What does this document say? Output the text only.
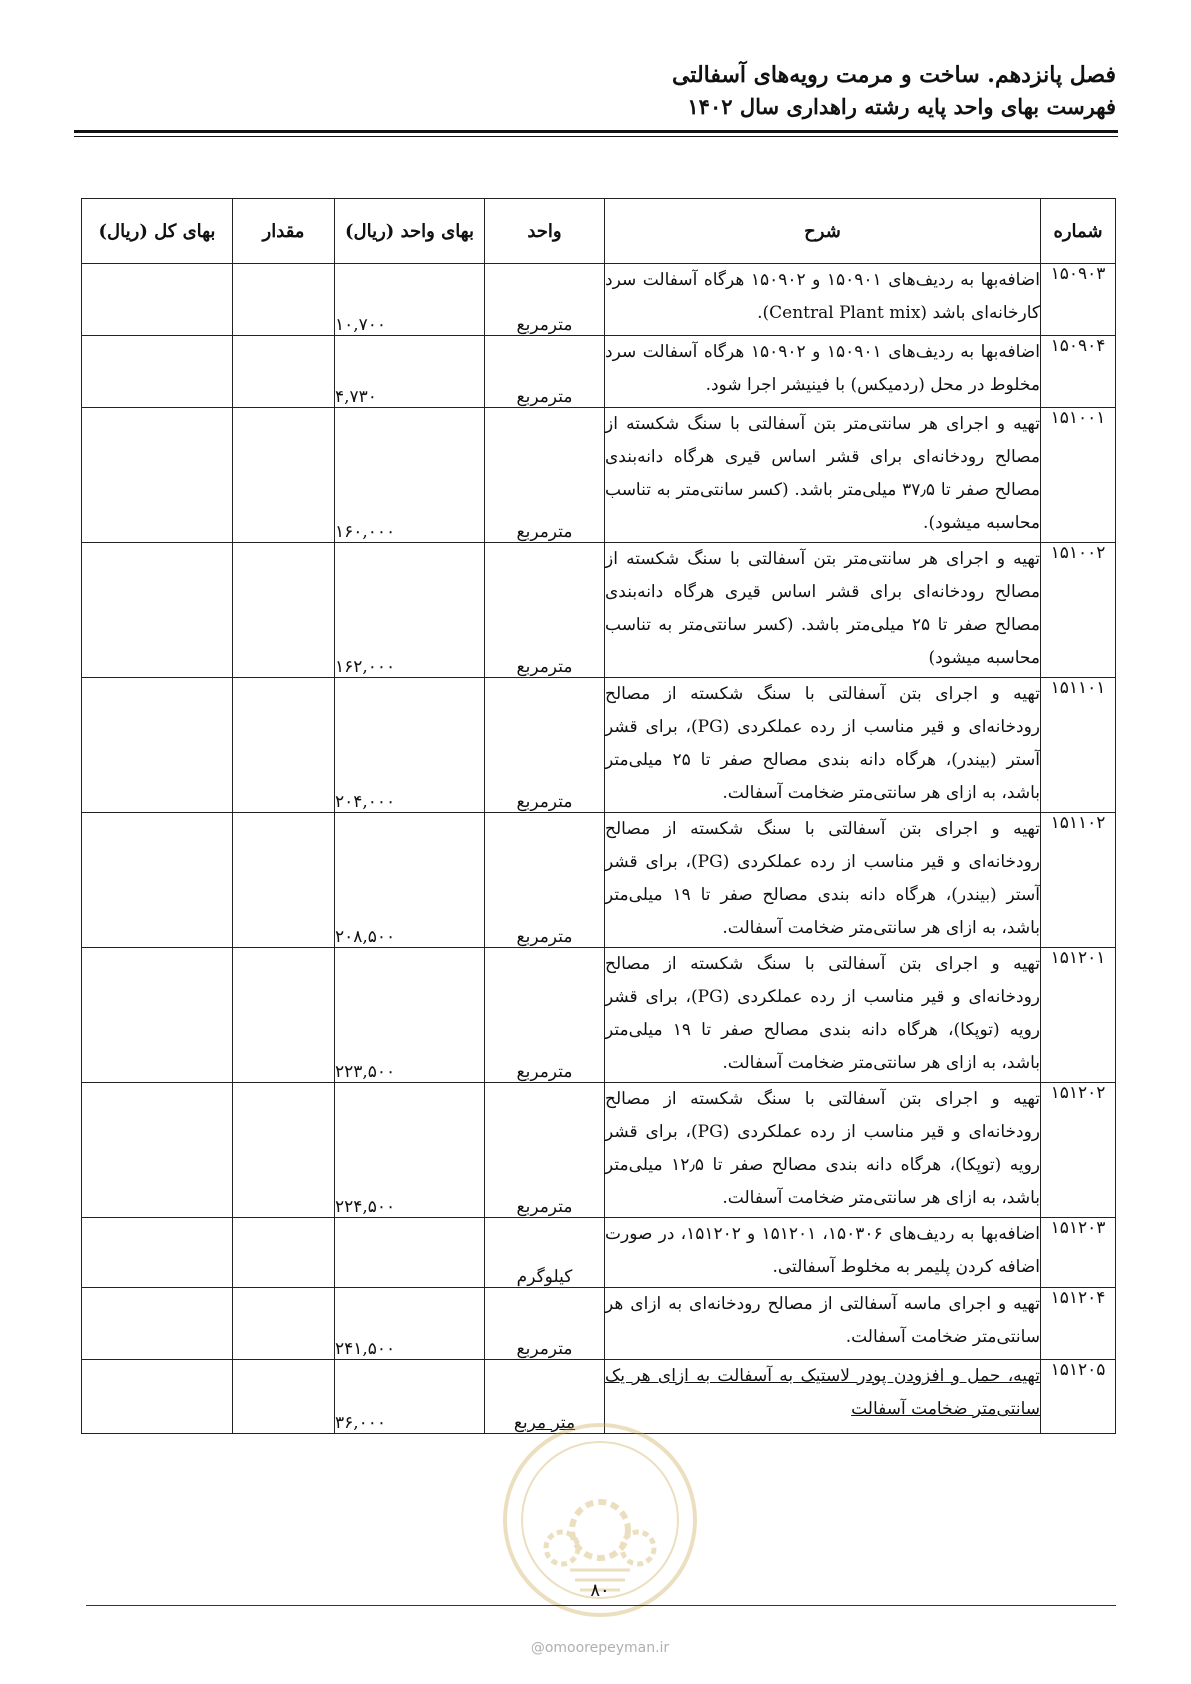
فصل پانزدهم. ساخت و مرمت رویه‌های آسفالتی
فهرست بهای واحد پایه رشته راهداری سال ۱۴۰۲
شماره	شرح	واحد	بهای واحد (ریال)	مقدار	بهای کل (ریال)
۱۵۰۹۰۳	اضافه‌بها به ردیف‌های ۱۵۰۹۰۱ و ۱۵۰۹۰۲ هرگاه آسفالت سرد کارخانه‌ای باشد (Central Plant mix).	مترمربع	۱۰,۷۰۰		
۱۵۰۹۰۴	اضافه‌بها به ردیف‌های ۱۵۰۹۰۱ و ۱۵۰۹۰۲ هرگاه آسفالت سرد مخلوط در محل (ردمیکس) با فینیشر اجرا شود.	مترمربع	۴,۷۳۰		
۱۵۱۰۰۱	تهیه و اجرای هر سانتی‌متر بتن آسفالتی با سنگ شکسته از مصالح رودخانه‌ای برای قشر اساس قیری هرگاه دانه‌بندی مصالح صفر تا ۳۷٫۵ میلی‌متر باشد. (کسر سانتی‌متر به تناسب محاسبه میشود).	مترمربع	۱۶۰,۰۰۰		
۱۵۱۰۰۲	تهیه و اجرای هر سانتی‌متر بتن آسفالتی با سنگ شکسته از مصالح رودخانه‌ای برای قشر اساس قیری هرگاه دانه‌بندی مصالح صفر تا ۲۵ میلی‌متر باشد. (کسر سانتی‌متر به تناسب محاسبه میشود)	مترمربع	۱۶۲,۰۰۰		
۱۵۱۱۰۱	تهیه و اجرای بتن آسفالتی با سنگ شکسته از مصالح رودخانه‌ای و قیر مناسب از رده عملکردی (PG)، برای قشر آستر (بیندر)، هرگاه دانه بندی مصالح صفر تا ۲۵ میلی‌متر باشد، به ازای هر سانتی‌متر ضخامت آسفالت.	مترمربع	۲۰۴,۰۰۰		
۱۵۱۱۰۲	تهیه و اجرای بتن آسفالتی با سنگ شکسته از مصالح رودخانه‌ای و قیر مناسب از رده عملکردی (PG)، برای قشر آستر (بیندر)، هرگاه دانه بندی مصالح صفر تا ۱۹ میلی‌متر باشد، به ازای هر سانتی‌متر ضخامت آسفالت.	مترمربع	۲۰۸,۵۰۰		
۱۵۱۲۰۱	تهیه و اجرای بتن آسفالتی با سنگ شکسته از مصالح رودخانه‌ای و قیر مناسب از رده عملکردی (PG)، برای قشر رویه (توپکا)، هرگاه دانه بندی مصالح صفر تا ۱۹ میلی‌متر باشد، به ازای هر سانتی‌متر ضخامت آسفالت.	مترمربع	۲۲۳,۵۰۰		
۱۵۱۲۰۲	تهیه و اجرای بتن آسفالتی با سنگ شکسته از مصالح رودخانه‌ای و قیر مناسب از رده عملکردی (PG)، برای قشر رویه (توپکا)، هرگاه دانه بندی مصالح صفر تا ۱۲٫۵ میلی‌متر باشد، به ازای هر سانتی‌متر ضخامت آسفالت.	مترمربع	۲۲۴,۵۰۰		
۱۵۱۲۰۳	اضافه‌بها به ردیف‌های ۱۵۰۳۰۶، ۱۵۱۲۰۱ و ۱۵۱۲۰۲، در صورت اضافه کردن پلیمر به مخلوط آسفالتی.	کیلوگرم			
۱۵۱۲۰۴	تهیه و اجرای ماسه آسفالتی از مصالح رودخانه‌ای به ازای هر سانتی‌متر ضخامت آسفالت.	مترمربع	۲۴۱,۵۰۰		
۱۵۱۲۰۵	تهیه، حمل و افزودن پودر لاستیک به آسفالت به ازای هر یک سانتی‌متر ضخامت آسفالت	متر مربع	۳۶,۰۰۰		
۸۰
@omoorepeyman.ir
